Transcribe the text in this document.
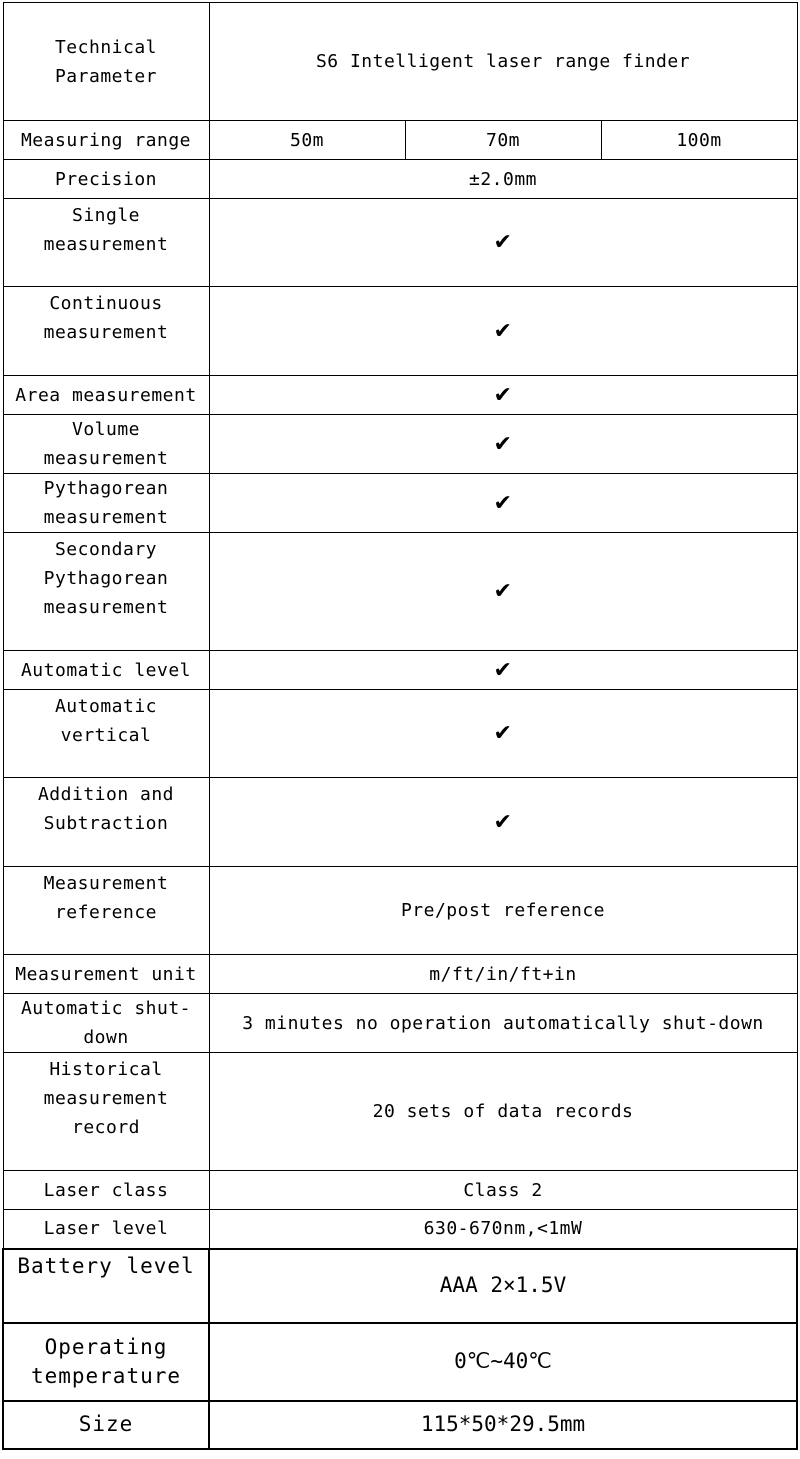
Technical Parameter	S6 Intelligent laser range finder		
Measuring range	50m	70m	100m
Precision	±2.0mm		
Single measurement	✔		
Continuous measurement	✔		
Area measurement	✔		
Volume measurement	✔		
Pythagorean measurement	✔		
Secondary Pythagorean measurement	✔		
Automatic level	✔		
Automatic vertical	✔		
Addition and Subtraction	✔		
Measurement reference	Pre/post reference		
Measurement unit	m/ft/in/ft+in		
Automatic shut-down	3 minutes no operation automatically shut-down		
Historical measurement record	20 sets of data records		
Laser class	Class 2		
Laser level	630-670nm,<1mW		
Battery level	AAA 2×1.5V		
Operating temperature	0℃~40℃		
Size	115*50*29.5mm		
